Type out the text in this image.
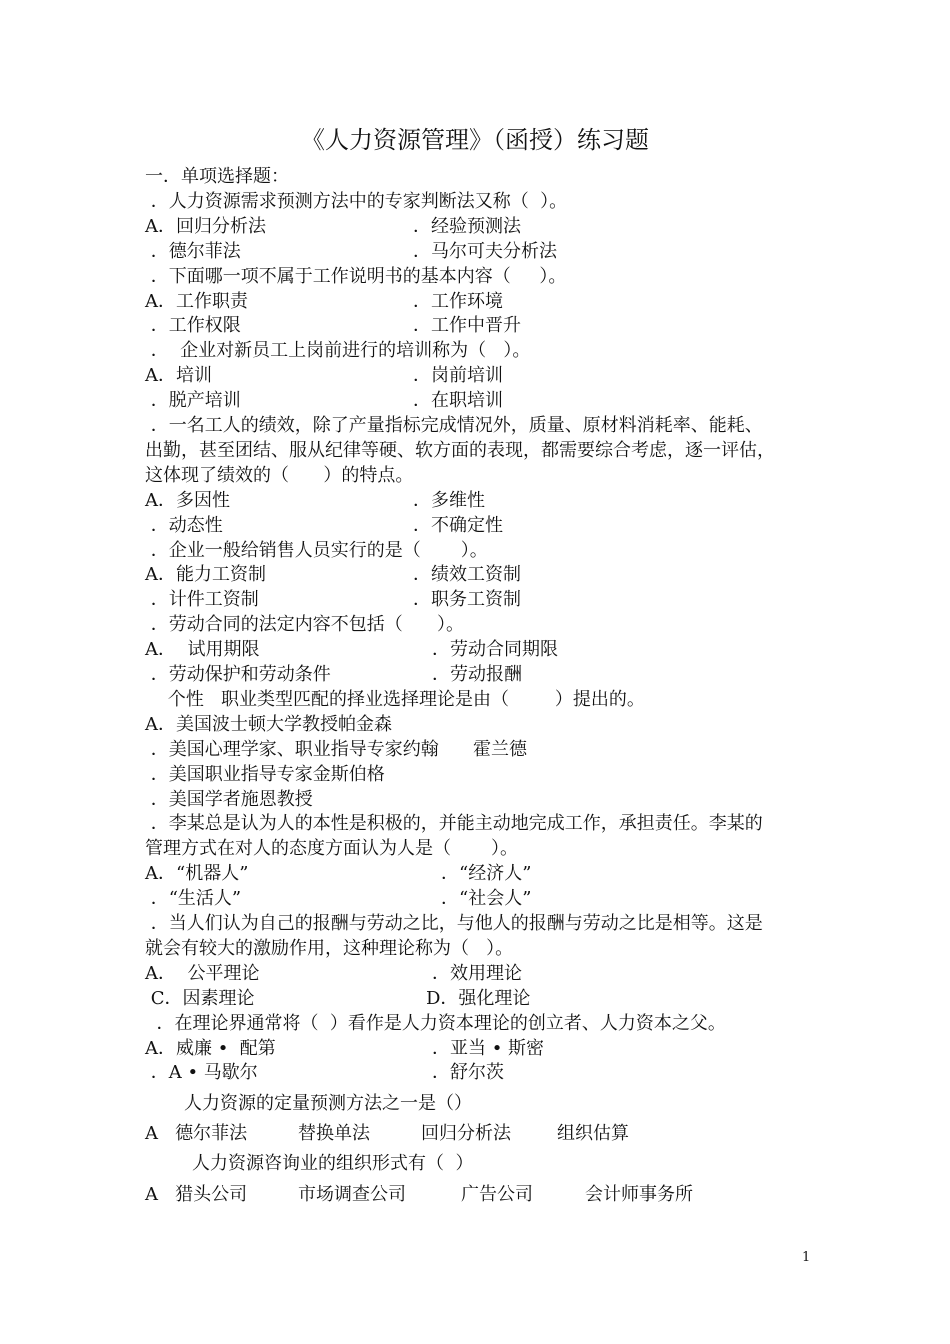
《人力资源管理》（函授）练习题
一．单项选择题：
．人力资源需求预测方法中的专家判断法又称（  ）。
A．回归分析法	．经验预测法
．德尔菲法	．马尔可夫分析法
．下面哪一项不属于工作说明书的基本内容（     ）。
A．工作职责	．工作环境
．工作权限	．工作中晋升
．  企业对新员工上岗前进行的培训称为（   ）。
A．培训	．岗前培训
．脱产培训	．在职培训
．一名工人的绩效，除了产量指标完成情况外，质量、原材料消耗率、能耗、
出勤，甚至团结、服从纪律等硬、软方面的表现，都需要综合考虑，逐一评估，
这体现了绩效的（      ）的特点。
A．多因性	．多维性
．动态性	．不确定性
．企业一般给销售人员实行的是（       ）。
A．能力工资制	．绩效工资制
．计件工资制	．职务工资制
．劳动合同的法定内容不包括（      ）。
A．  试用期限	．劳动合同期限
．劳动保护和劳动条件	．劳动报酬
个性   职业类型匹配的择业选择理论是由（        ）提出的。
A．美国波士顿大学教授帕金森
．美国心理学家、职业指导专家约翰      霍兰德
．美国职业指导专家金斯伯格
．美国学者施恩教授
．李某总是认为人的本性是积极的，并能主动地完成工作，承担责任。李某的
管理方式在对人的态度方面认为人是（       ）。
A．“机器人”	．“经济人”
．“生活人”	．“社会人”
．当人们认为自己的报酬与劳动之比，与他人的报酬与劳动之比是相等。这是
就会有较大的激励作用，这种理论称为（   ）。
A．  公平理论	．效用理论
C．因素理论	D．强化理论
．在理论界通常将（  ）看作是人力资本理论的创立者、人力资本之父。
A．威廉 •  配第	．亚当 • 斯密
．A • 马歇尔	．舒尔茨
人力资源的定量预测方法之一是（）
A   德尔菲法	替换单法	回归分析法	组织估算
人力资源咨询业的组织形式有（  ）
A   猎头公司	市场调查公司	广告公司	会计师事务所
1
